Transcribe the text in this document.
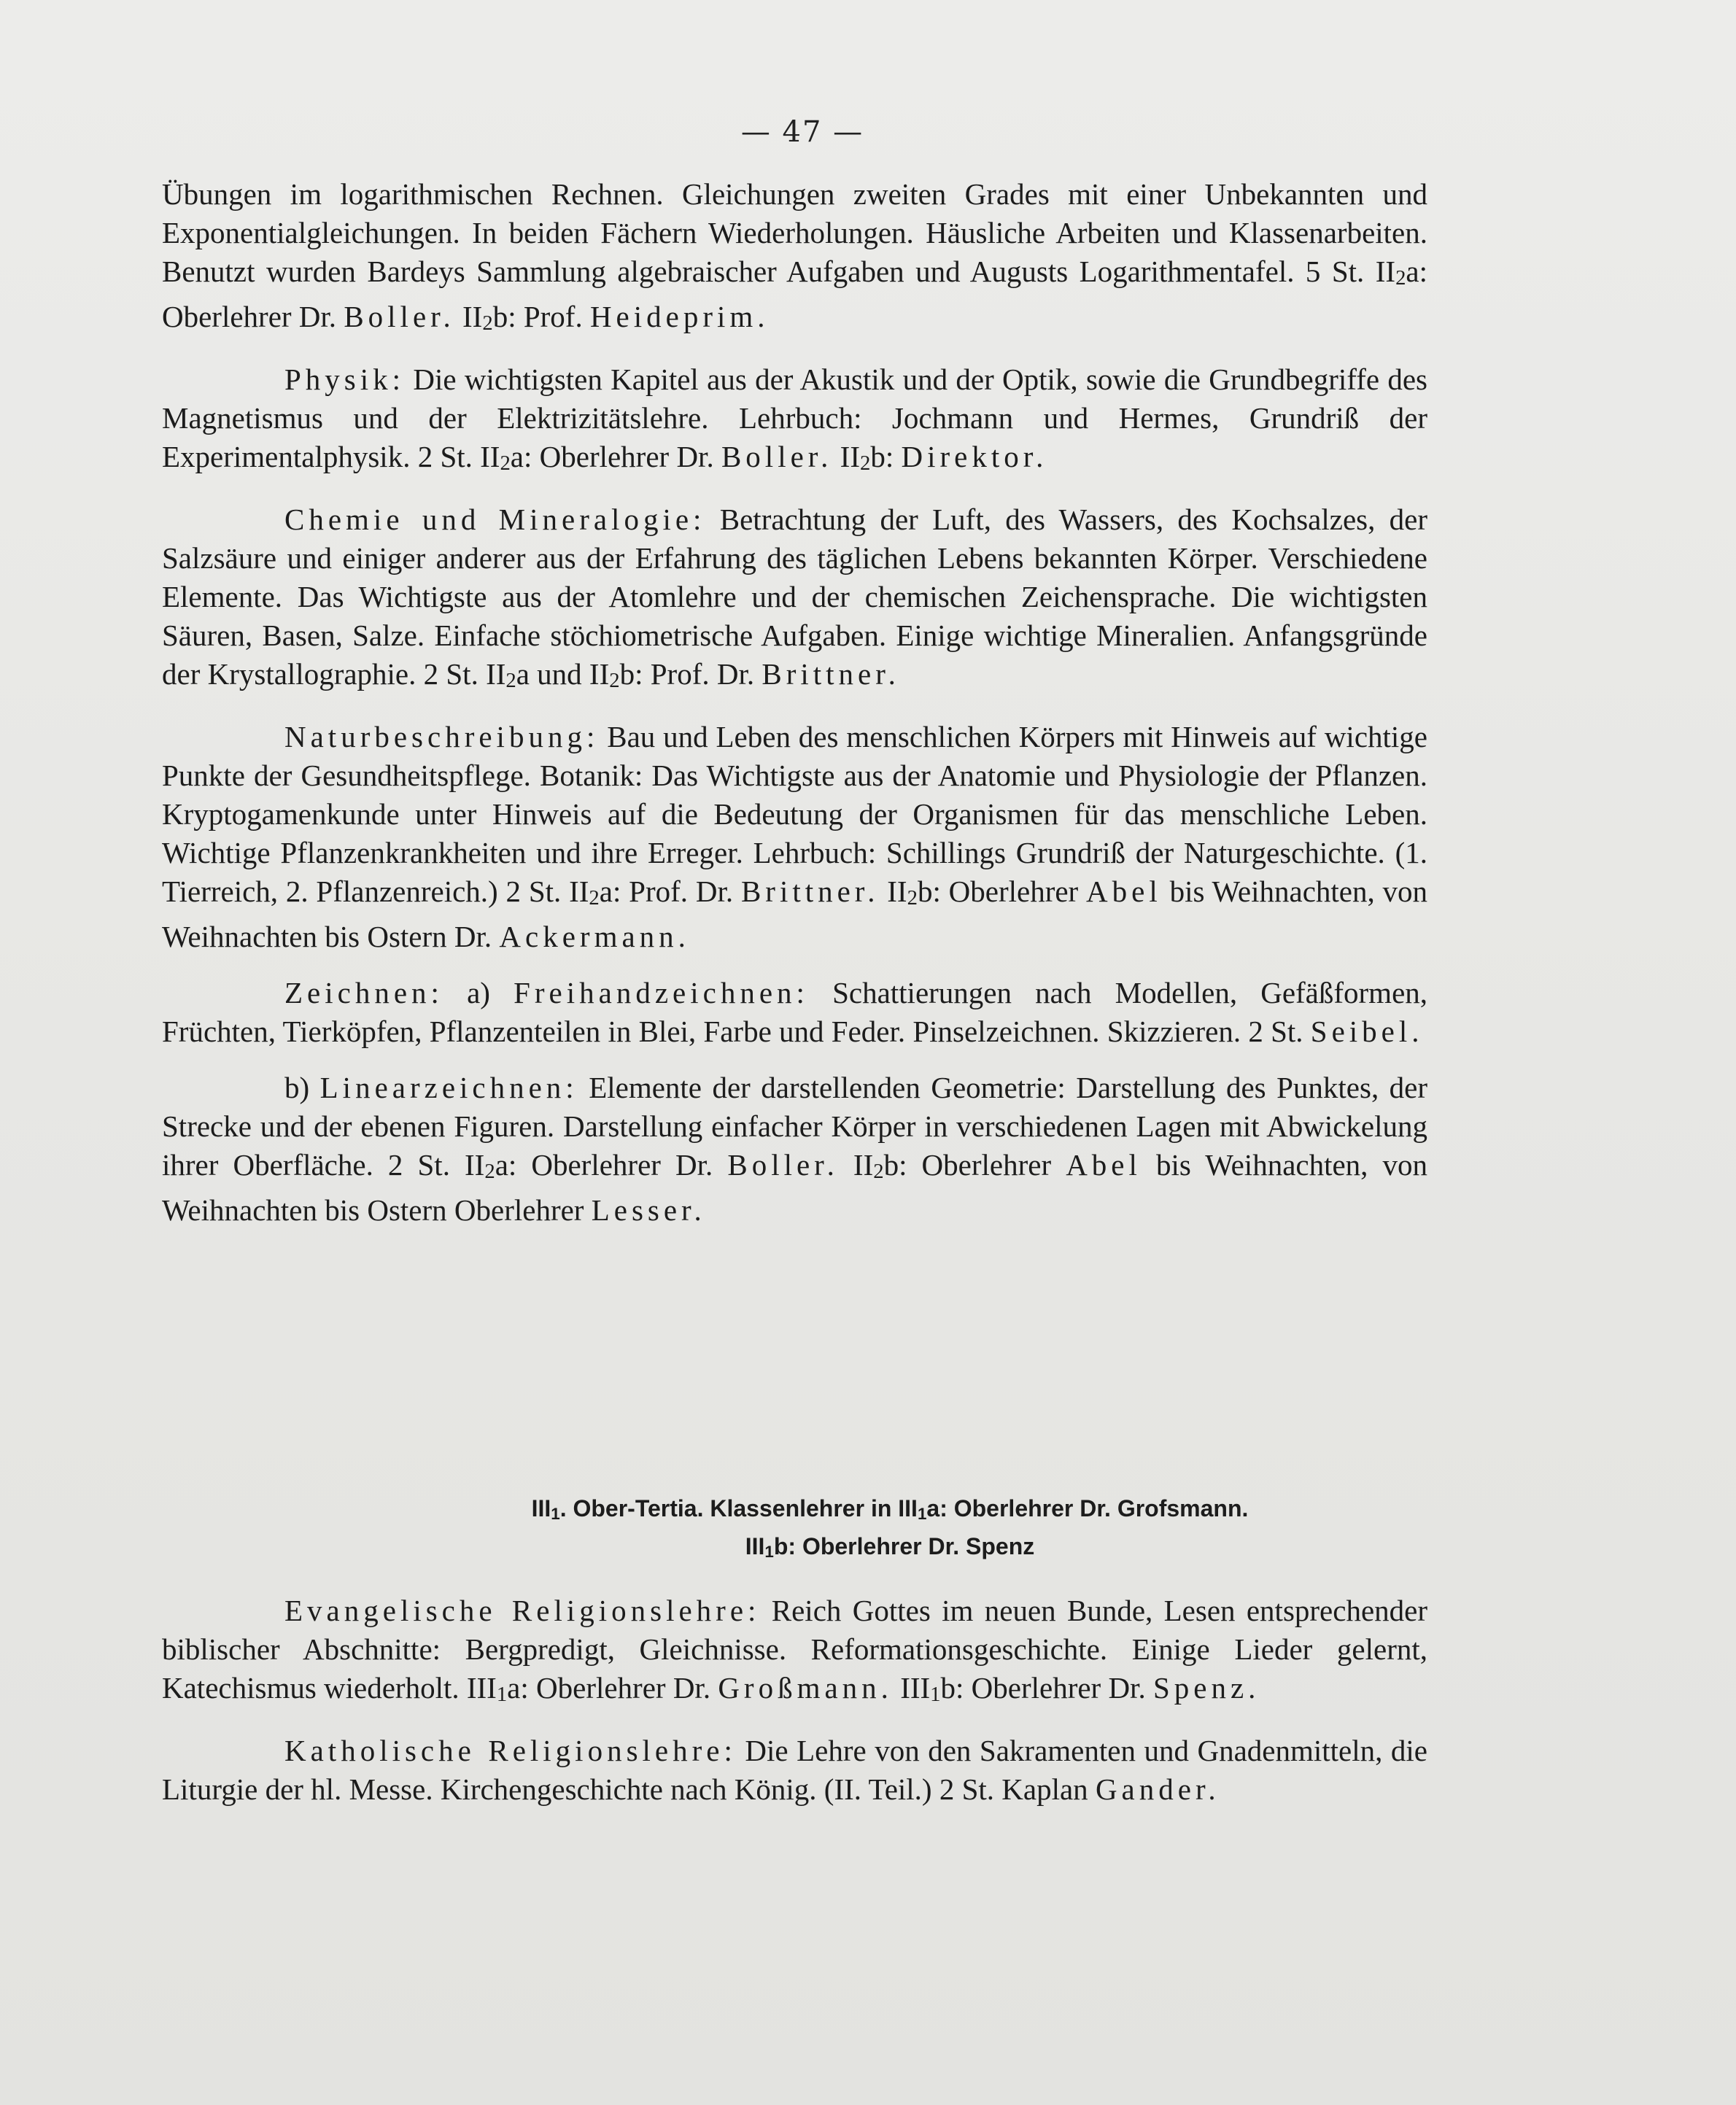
— 47 —

Übungen im logarithmischen Rechnen. Gleichungen zweiten Grades mit einer Unbekannten und Exponentialgleichungen. In beiden Fächern Wiederholungen. Häusliche Arbeiten und Klassenarbeiten. Benutzt wurden Bardeys Sammlung algebraischer Aufgaben und Augusts Logarithmentafel. 5 St. II2a: Oberlehrer Dr. Boller. II2b: Prof. Heideprim.

Physik: Die wichtigsten Kapitel aus der Akustik und der Optik, sowie die Grundbegriffe des Magnetismus und der Elektrizitätslehre. Lehrbuch: Jochmann und Hermes, Grundriß der Experimentalphysik. 2 St. II2a: Oberlehrer Dr. Boller. II2b: Direktor.

Chemie und Mineralogie: Betrachtung der Luft, des Wassers, des Kochsalzes, der Salzsäure und einiger anderer aus der Erfahrung des täglichen Lebens bekannten Körper. Verschiedene Elemente. Das Wichtigste aus der Atomlehre und der chemischen Zeichensprache. Die wichtigsten Säuren, Basen, Salze. Einfache stöchiometrische Aufgaben. Einige wichtige Mineralien. Anfangsgründe der Krystallographie. 2 St. II2a und II2b: Prof. Dr. Brittner.

Naturbeschreibung: Bau und Leben des menschlichen Körpers mit Hinweis auf wichtige Punkte der Gesundheitspflege. Botanik: Das Wichtigste aus der Anatomie und Physiologie der Pflanzen. Kryptogamenkunde unter Hinweis auf die Bedeutung der Organismen für das menschliche Leben. Wichtige Pflanzenkrankheiten und ihre Erreger. Lehrbuch: Schillings Grundriß der Naturgeschichte. (1. Tierreich, 2. Pflanzenreich.) 2 St. II2a: Prof. Dr. Brittner. II2b: Oberlehrer Abel bis Weihnachten, von Weihnachten bis Ostern Dr. Ackermann.

Zeichnen: a) Freihandzeichnen: Schattierungen nach Modellen, Gefäßformen, Früchten, Tierköpfen, Pflanzenteilen in Blei, Farbe und Feder. Pinselzeichnen. Skizzieren. 2 St. Seibel.

b) Linearzeichnen: Elemente der darstellenden Geometrie: Darstellung des Punktes, der Strecke und der ebenen Figuren. Darstellung einfacher Körper in verschiedenen Lagen mit Abwickelung ihrer Oberfläche. 2 St. II2a: Oberlehrer Dr. Boller. II2b: Oberlehrer Abel bis Weihnachten, von Weihnachten bis Ostern Oberlehrer Lesser.

III1. Ober-Tertia. Klassenlehrer in III1a: Oberlehrer Dr. Grofsmann.
III1b: Oberlehrer Dr. Spenz

Evangelische Religionslehre: Reich Gottes im neuen Bunde, Lesen entsprechender biblischer Abschnitte: Bergpredigt, Gleichnisse. Reformationsgeschichte. Einige Lieder gelernt, Katechismus wiederholt. III1a: Oberlehrer Dr. Großmann. III1b: Oberlehrer Dr. Spenz.

Katholische Religionslehre: Die Lehre von den Sakramenten und Gnadenmitteln, die Liturgie der hl. Messe. Kirchengeschichte nach König. (II. Teil.) 2 St. Kaplan Gander.
